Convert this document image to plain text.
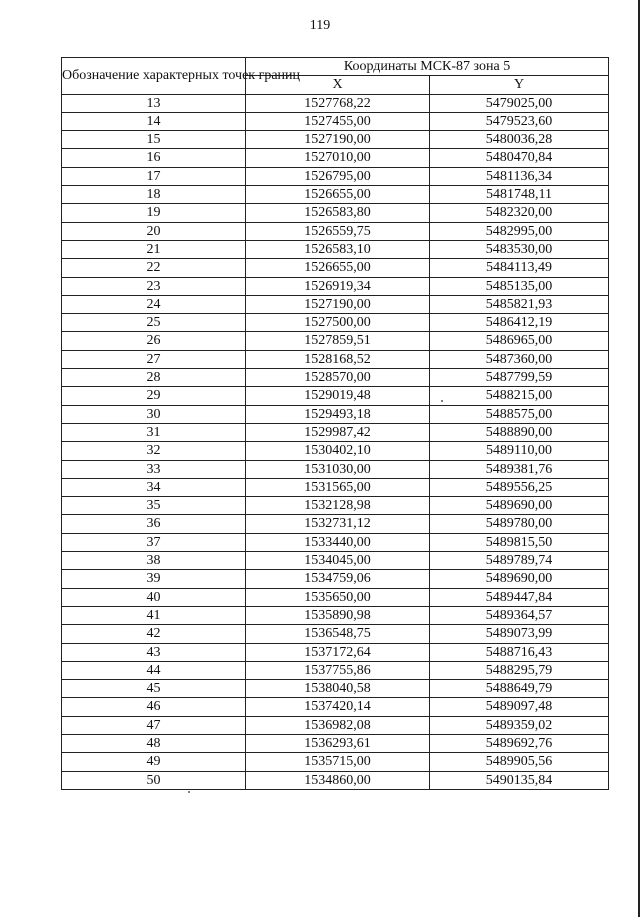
119
Обозначение характерных точек границ	Координаты МСК-87 зона 5	
	X	Y
13	1527768,22	5479025,00
14	1527455,00	5479523,60
15	1527190,00	5480036,28
16	1527010,00	5480470,84
17	1526795,00	5481136,34
18	1526655,00	5481748,11
19	1526583,80	5482320,00
20	1526559,75	5482995,00
21	1526583,10	5483530,00
22	1526655,00	5484113,49
23	1526919,34	5485135,00
24	1527190,00	5485821,93
25	1527500,00	5486412,19
26	1527859,51	5486965,00
27	1528168,52	5487360,00
28	1528570,00	5487799,59
29	1529019,48	5488215,00
30	1529493,18	5488575,00
31	1529987,42	5488890,00
32	1530402,10	5489110,00
33	1531030,00	5489381,76
34	1531565,00	5489556,25
35	1532128,98	5489690,00
36	1532731,12	5489780,00
37	1533440,00	5489815,50
38	1534045,00	5489789,74
39	1534759,06	5489690,00
40	1535650,00	5489447,84
41	1535890,98	5489364,57
42	1536548,75	5489073,99
43	1537172,64	5488716,43
44	1537755,86	5488295,79
45	1538040,58	5488649,79
46	1537420,14	5489097,48
47	1536982,08	5489359,02
48	1536293,61	5489692,76
49	1535715,00	5489905,56
50	1534860,00	5490135,84
